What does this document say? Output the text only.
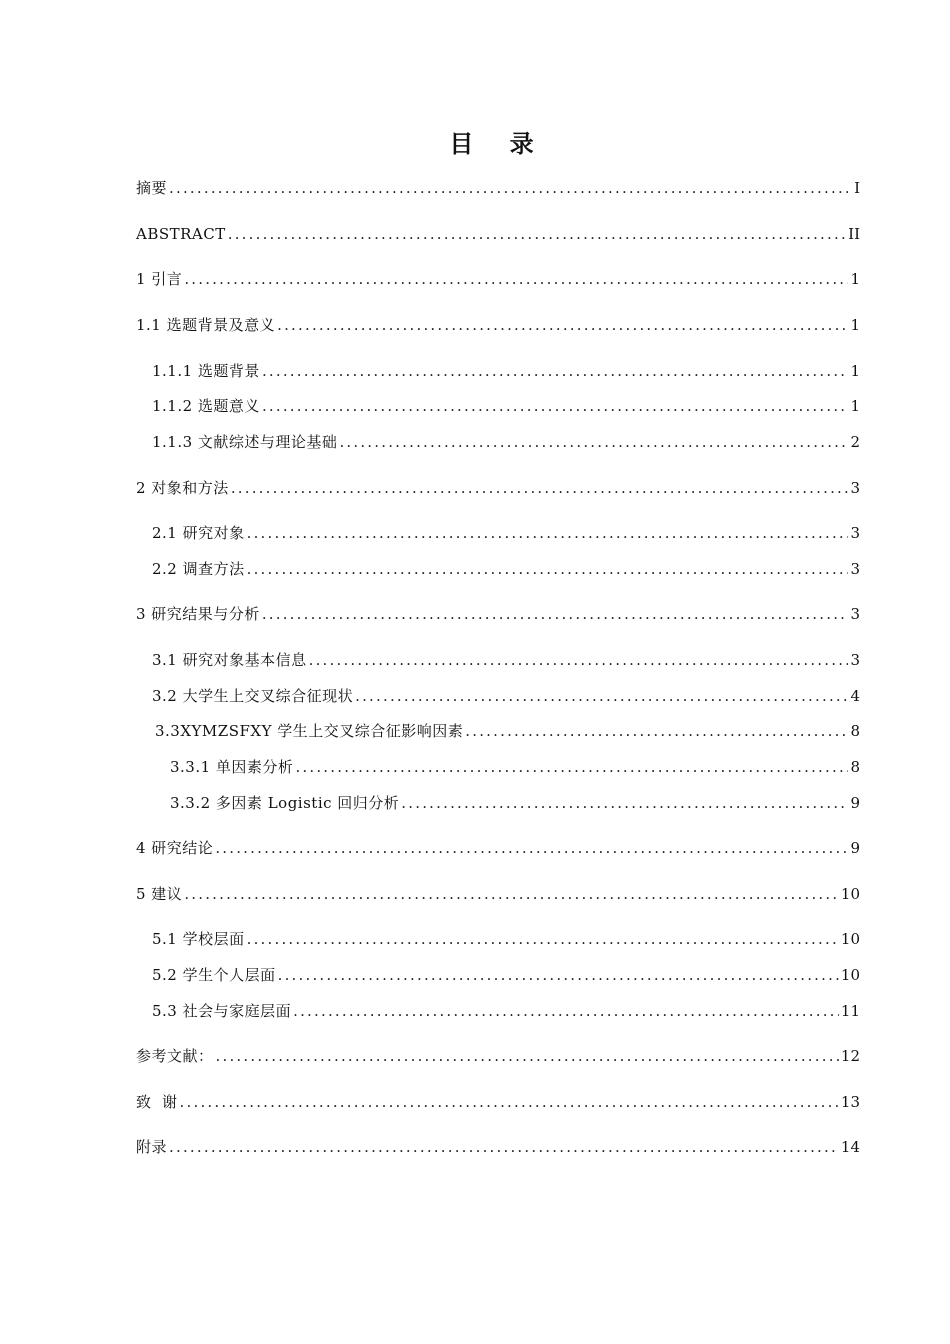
目 录
摘要 .....	I
ABSTRACT .....	II
1 引言 .....	1
1.1 选题背景及意义 .....	1
1.1.1 选题背景 .....	1
1.1.2 选题意义 .....	1
1.1.3 文献综述与理论基础 .....	2
2 对象和方法 .....	3
2.1 研究对象 .....	3
2.2 调查方法 .....	3
3 研究结果与分析 .....	3
3.1 研究对象基本信息 .....	3
3.2 大学生上交叉综合征现状 .....	4
3.3XYMZSFXY 学生上交叉综合征影响因素 .....	8
3.3.1 单因素分析 .....	8
3.3.2 多因素 Logistic 回归分析 .....	9
4 研究结论 .....	9
5 建议 .....	10
5.1 学校层面 .....	10
5.2 学生个人层面 .....	10
5.3 社会与家庭层面 .....	11
参考文献： .....	12
致  谢 .....	13
附录 .....	14
